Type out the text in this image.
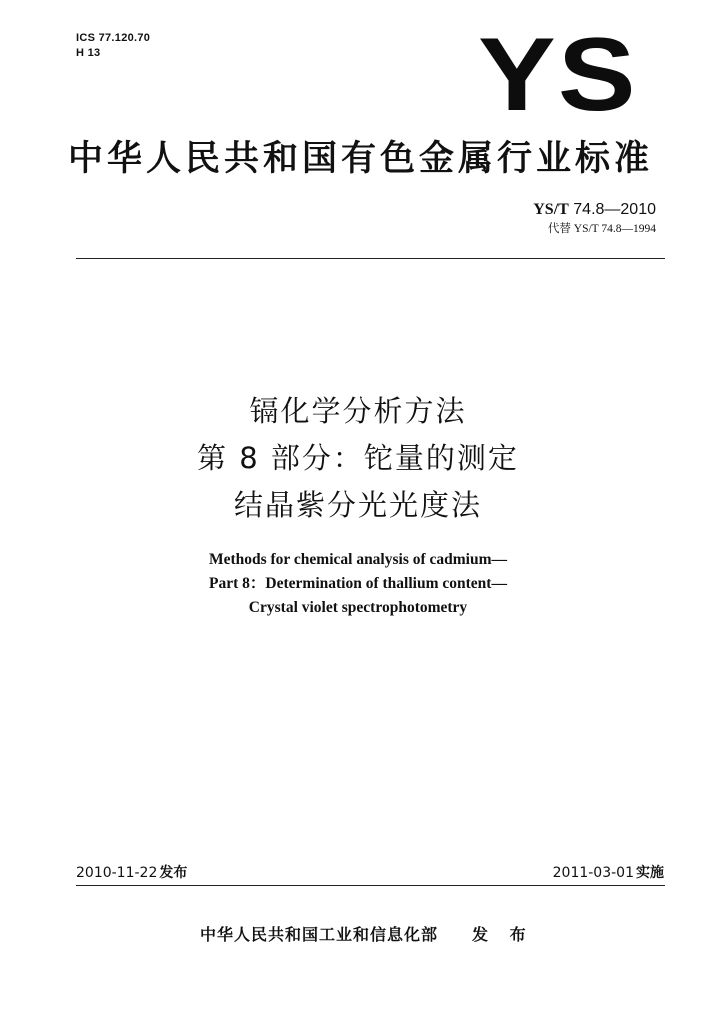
ICS 77.120.70
H 13	YS
中华人民共和国有色金属行业标准
YS/T 74.8—2010
代替 YS/T 74.8—1994
镉化学分析方法
第 8 部分：铊量的测定
结晶紫分光光度法
Methods for chemical analysis of cadmium—
Part 8：Determination of thallium content—
Crystal violet spectrophotometry
2010-11-22 发布	2011-03-01 实施
中华人民共和国工业和信息化部 发 布
